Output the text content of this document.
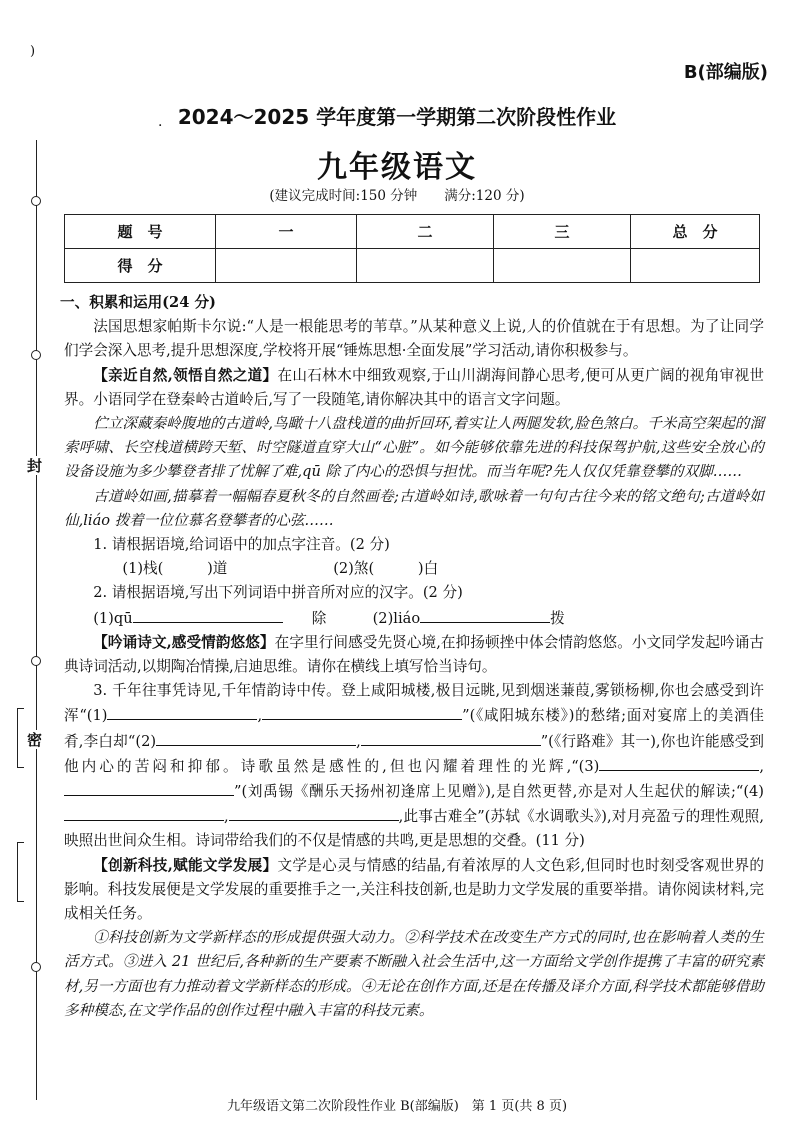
)
封
密
·
B(部编版)
2024～2025 学年度第一学期第二次阶段性作业
九年级语文
(建议完成时间:150 分钟　　满分:120 分)
题　号	一	二	三	总　分
得　分				

一、积累和运用(24 分)

法国思想家帕斯卡尔说:“人是一根能思考的苇草。”从某种意义上说,人的价值就在于有思想。为了让同学们学会深入思考,提升思想深度,学校将开展“锤炼思想·全面发展”学习活动,请你积极参与。

【亲近自然,领悟自然之道】在山石林木中细致观察,于山川湖海间静心思考,便可从更广阔的视角审视世界。小语同学在登秦岭古道岭后,写了一段随笔,请你解决其中的语言文字问题。

伫立深藏秦岭腹地的古道岭,鸟瞰十八盘栈道的曲折回环,着实让人两腿发软,脸色煞白。千米高空架起的溜索呼啸、长空栈道横跨天堑、时空隧道直穿大山“心脏”。如今能够依靠先进的科技保驾护航,这些安全放心的设备设施为多少攀登者排了忧解了难,qū 除了内心的恐惧与担忧。而当年呢?先人仅仅凭靠登攀的双脚……

古道岭如画,描摹着一幅幅春夏秋冬的自然画卷;古道岭如诗,歌咏着一句句古往今来的铭文绝句;古道岭如仙,liáo 拨着一位位慕名登攀者的心弦……

1. 请根据语境,给词语中的加点字注音。(2 分)

(1)栈(　　　)道	(2)煞(　　　)白

2. 请根据语境,写出下列词语中拼音所对应的汉字。(2 分)

(1)qū	除	(2)liáo	拨

【吟诵诗文,感受情韵悠悠】在字里行间感受先贤心境,在抑扬顿挫中体会情韵悠悠。小文同学发起吟诵古典诗词活动,以期陶冶情操,启迪思维。请你在横线上填写恰当诗句。

3. 千年往事凭诗见,千年情韵诗中传。登上咸阳城楼,极目远眺,见到烟迷蒹葭,雾锁杨柳,你也会感受到许浑“(1)	,	”(《咸阳城东楼》)的愁绪;面对宴席上的美酒佳肴,李白却“(2)	,	”(《行路难》其一),你也许能感受到他内心的苦闷和抑郁。诗歌虽然是感性的,但也闪耀着理性的光辉,“(3)	,”(刘禹锡《酬乐天扬州初逢席上见赠》),是自然更替,亦是对人生起伏的解读;“(4),	,此事古难全”(苏轼《水调歌头》),对月亮盈亏的理性观照,映照出世间众生相。诗词带给我们的不仅是情感的共鸣,更是思想的交叠。(11 分)

【创新科技,赋能文学发展】文学是心灵与情感的结晶,有着浓厚的人文色彩,但同时也时刻受客观世界的影响。科技发展便是文学发展的重要推手之一,关注科技创新,也是助力文学发展的重要举措。请你阅读材料,完成相关任务。

①科技创新为文学新样态的形成提供强大动力。②科学技术在改变生产方式的同时,也在影响着人类的生活方式。③进入 21 世纪后,各种新的生产要素不断融入社会生活中,这一方面给文学创作提携了丰富的研究素材,另一方面也有力推动着文学新样态的形成。④无论在创作方面,还是在传播及译介方面,科学技术都能够借助多种模态,在文学作品的创作过程中融入丰富的科技元素。

九年级语文第二次阶段性作业 B(部编版)　第 1 页(共 8 页)
